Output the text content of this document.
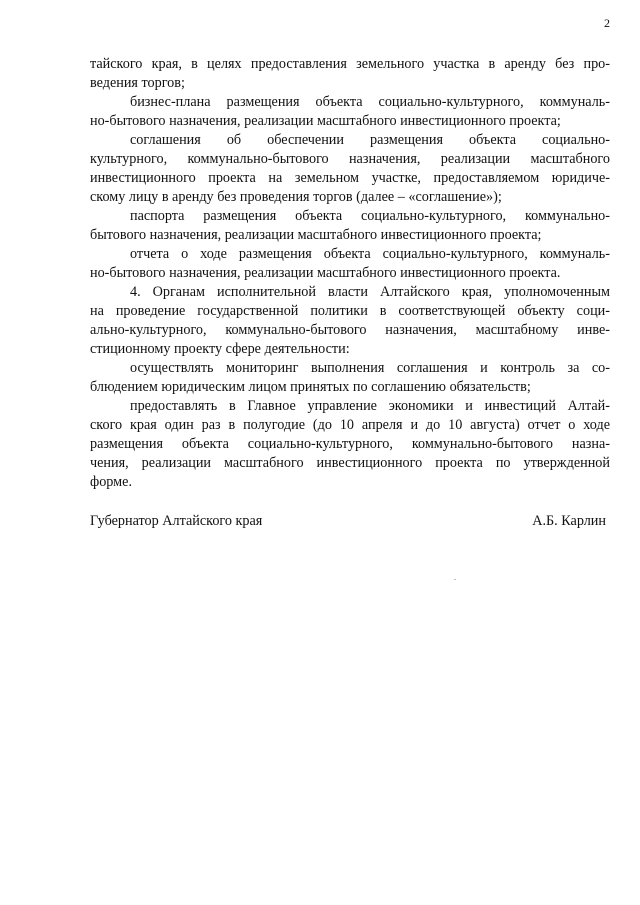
2
тайского края, в целях предоставления земельного участка в аренду без про-
ведения торгов;
бизнес-плана размещения объекта социально-культурного, коммуналь-
но-бытового назначения, реализации масштабного инвестиционного проекта;
соглашения об обеспечении размещения объекта социально-
культурного, коммунально-бытового назначения, реализации масштабного
инвестиционного проекта на земельном участке, предоставляемом юридиче-
скому лицу в аренду без проведения торгов (далее – «соглашение»);
паспорта размещения объекта социально-культурного, коммунально-
бытового назначения, реализации масштабного инвестиционного проекта;
отчета о ходе размещения объекта социально-культурного, коммуналь-
но-бытового назначения, реализации масштабного инвестиционного проекта.
4. Органам исполнительной власти Алтайского края, уполномоченным
на проведение государственной политики в соответствующей объекту соци-
ально-культурного, коммунально-бытового назначения, масштабному инве-
стиционному проекту сфере деятельности:
осуществлять мониторинг выполнения соглашения и контроль за со-
блюдением юридическим лицом принятых по соглашению обязательств;
предоставлять в Главное управление экономики и инвестиций Алтай-
ского края один раз в полугодие (до 10 апреля и до 10 августа) отчет о ходе
размещения объекта социально-культурного, коммунально-бытового назна-
чения, реализации масштабного инвестиционного проекта по утвержденной
форме.
Губернатор Алтайского края	А.Б. Карлин
